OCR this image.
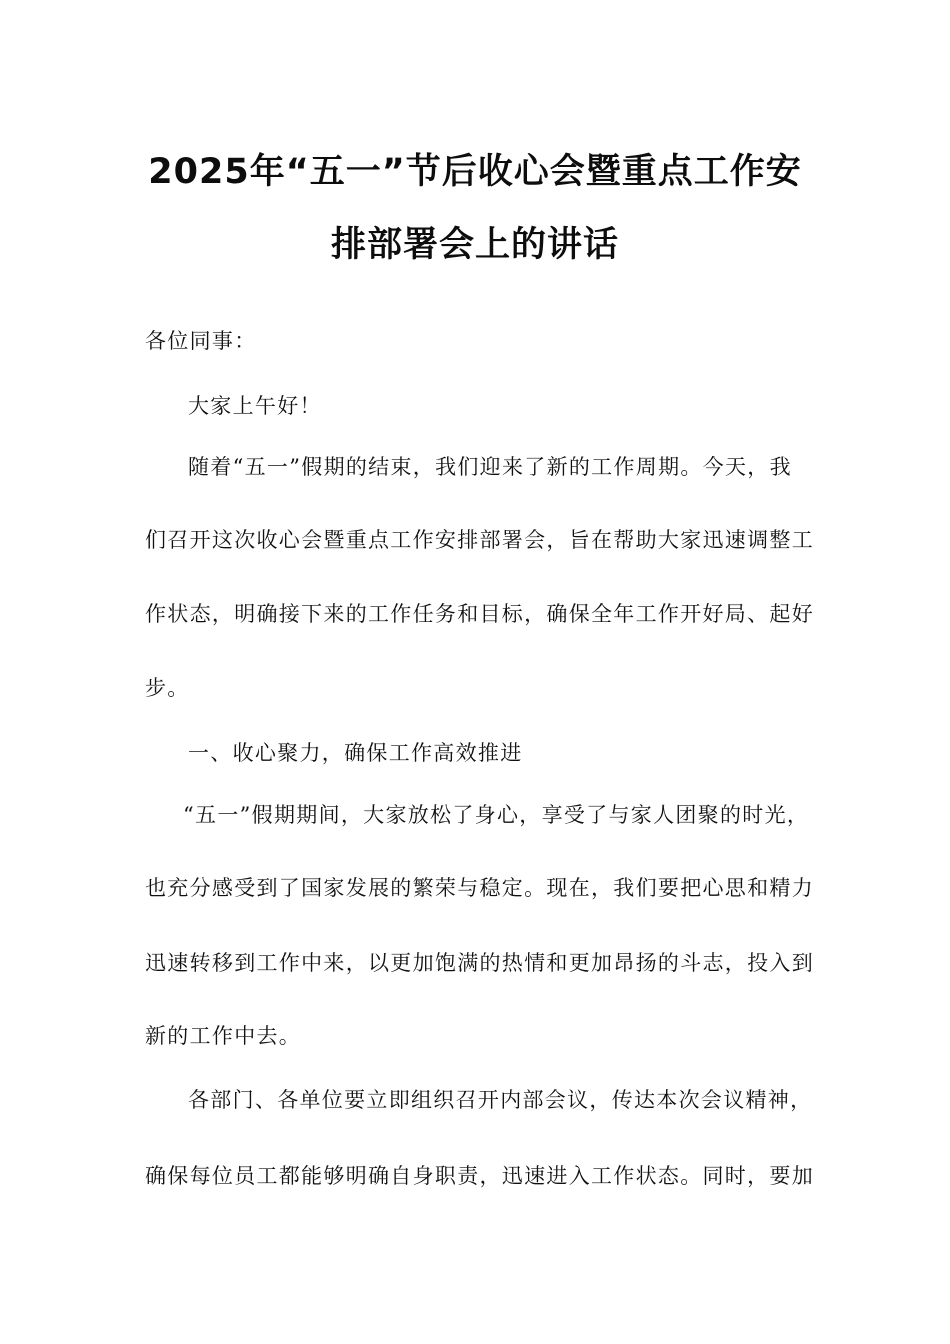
2025年“五一”节后收心会暨重点工作安
排部署会上的讲话
各位同事：
大家上午好！
随着“五一”假期的结束，我们迎来了新的工作周期。今天，我
们召开这次收心会暨重点工作安排部署会，旨在帮助大家迅速调整工
作状态，明确接下来的工作任务和目标，确保全年工作开好局、起好
步。
一、收心聚力，确保工作高效推进
“五一”假期期间，大家放松了身心，享受了与家人团聚的时光，
也充分感受到了国家发展的繁荣与稳定。现在，我们要把心思和精力
迅速转移到工作中来，以更加饱满的热情和更加昂扬的斗志，投入到
新的工作中去。
各部门、各单位要立即组织召开内部会议，传达本次会议精神，
确保每位员工都能够明确自身职责，迅速进入工作状态。同时，要加
